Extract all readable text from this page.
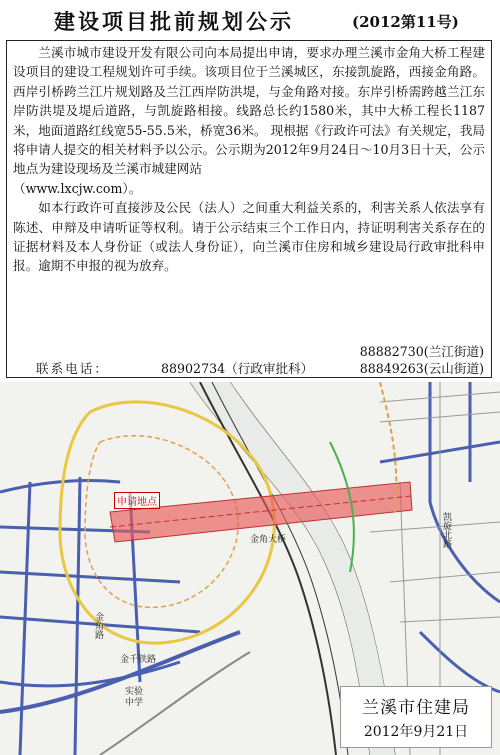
建设项目批前规划公示	(2012第11号)

兰溪市城市建设开发有限公司向本局提出申请，要求办理兰溪市金角大桥工程建设项目的建设工程规划许可手续。该项目位于兰溪城区，东接凯旋路，西接金角路。西岸引桥跨兰江片规划路及兰江西岸防洪堤，与金角路对接。东岸引桥需跨越兰江东岸防洪堤及堤后道路，与凯旋路相接。线路总长约1580米，其中大桥工程长1187米，地面道路红线宽55-55.5米，桥宽36米。 现根据《行政许可法》有关规定，我局将申请人提交的相关材料予以公示。公示期为2012年9月24日～10月3日十天，公示地点为建设现场及兰溪市城建网站
（www.lxcjw.com）。

如本行政许可直接涉及公民（法人）之间重大利益关系的，利害关系人依法享有陈述、申辩及申请听证等权利。请于公示结束三个工作日内，持证明利害关系存在的证据材料及本人身份证（或法人身份证），向兰溪市住房和城乡建设局行政审批科申报。逾期不申报的视为放弃。

88882730(兰江街道)
联系电话：	88902734（行政审批科）	88849263(云山街道)
金角大桥
金千铁路
实验中学
金角路
凯旋北路
申请地点
兰溪市住建局
2012年9月21日
